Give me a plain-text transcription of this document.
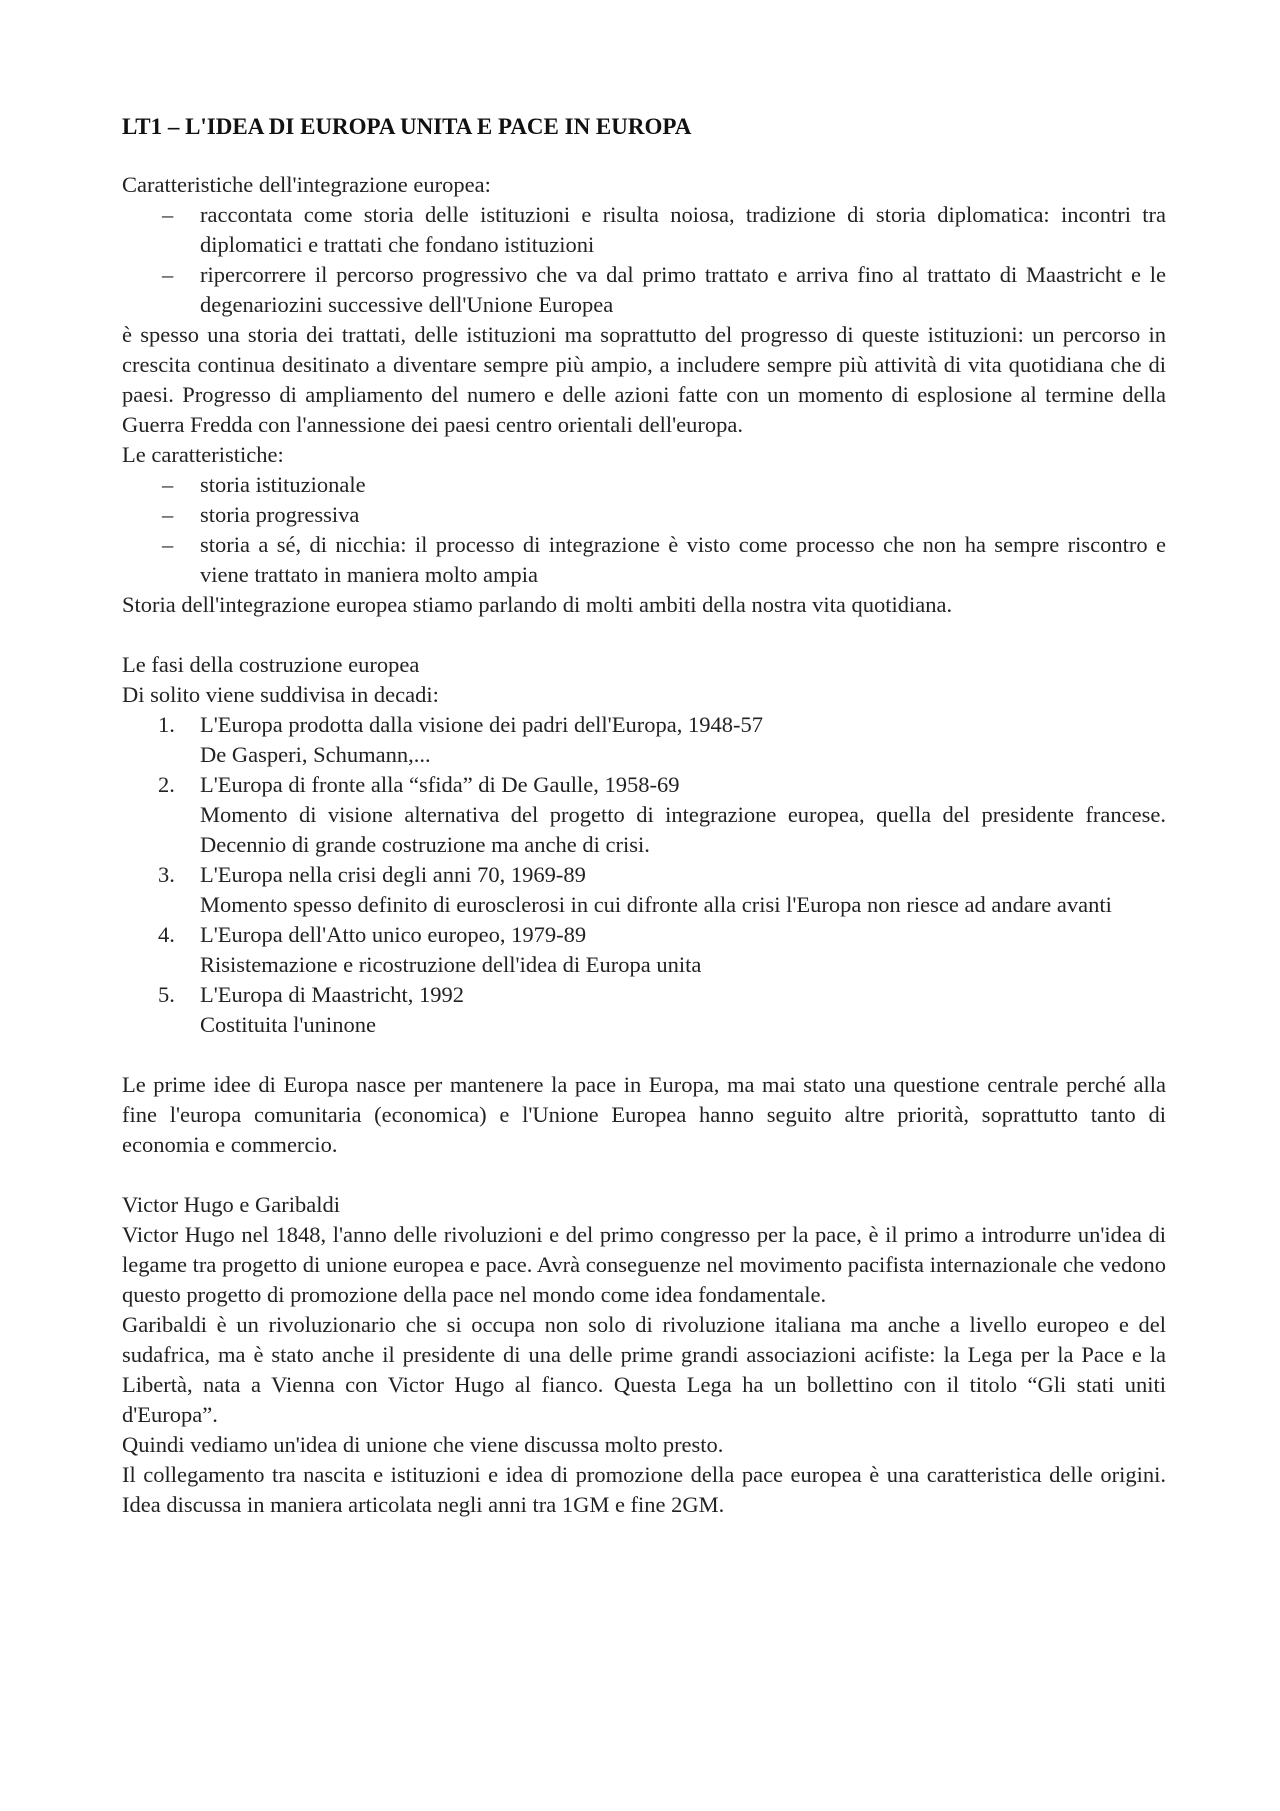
LT1 – L'IDEA DI EUROPA UNITA E PACE IN EUROPA

Caratteristiche dell'integrazione europea:

– raccontata come storia delle istituzioni e risulta noiosa, tradizione di storia diplomatica: incontri tra diplomatici e trattati che fondano istituzioni
– ripercorrere il percorso progressivo che va dal primo trattato e arriva fino al trattato di Maastricht e le degenariozini successive dell'Unione Europea

è spesso una storia dei trattati, delle istituzioni ma soprattutto del progresso di queste istituzioni: un percorso in crescita continua desitinato a diventare sempre più ampio, a includere sempre più attività di vita quotidiana che di paesi. Progresso di ampliamento del numero e delle azioni fatte con un momento di esplosione al termine della Guerra Fredda con l'annessione dei paesi centro orientali dell'europa.

Le caratteristiche:

– storia istituzionale
– storia progressiva
– storia a sé, di nicchia: il processo di integrazione è visto come processo che non ha sempre riscontro e viene trattato in maniera molto ampia

Storia dell'integrazione europea stiamo parlando di molti ambiti della nostra vita quotidiana.

Le fasi della costruzione europea

Di solito viene suddivisa in decadi:

1.	L'Europa prodotta dalla visione dei padri dell'Europa, 1948-57
De Gasperi, Schumann,...
2.	L'Europa di fronte alla “sfida” di De Gaulle, 1958-69
Momento di visione alternativa del progetto di integrazione europea, quella del presidente francese. Decennio di grande costruzione ma anche di crisi.
3.	L'Europa nella crisi degli anni 70, 1969-89
Momento spesso definito di eurosclerosi in cui difronte alla crisi l'Europa non riesce ad andare avanti
4.	L'Europa dell'Atto unico europeo, 1979-89
Risistemazione e ricostruzione dell'idea di Europa unita
5.	L'Europa di Maastricht, 1992
Costituita l'uninone

Le prime idee di Europa nasce per mantenere la pace in Europa, ma mai stato una questione centrale perché alla fine l'europa comunitaria (economica) e l'Unione Europea hanno seguito altre priorità, soprattutto tanto di economia e commercio.

Victor Hugo e Garibaldi

Victor Hugo nel 1848, l'anno delle rivoluzioni e del primo congresso per la pace, è il primo a introdurre un'idea di legame tra progetto di unione europea e pace. Avrà conseguenze nel movimento pacifista internazionale che vedono questo progetto di promozione della pace nel mondo come idea fondamentale.

Garibaldi è un rivoluzionario che si occupa non solo di rivoluzione italiana ma anche a livello europeo e del sudafrica, ma è stato anche il presidente di una delle prime grandi associazioni acifiste: la Lega per la Pace e la Libertà, nata a Vienna con Victor Hugo al fianco. Questa Lega ha un bollettino con il titolo “Gli stati uniti d'Europa”.

Quindi vediamo un'idea di unione che viene discussa molto presto.

Il collegamento tra nascita e istituzioni e idea di promozione della pace europea è una caratteristica delle origini. Idea discussa in maniera articolata negli anni tra 1GM e fine 2GM.
